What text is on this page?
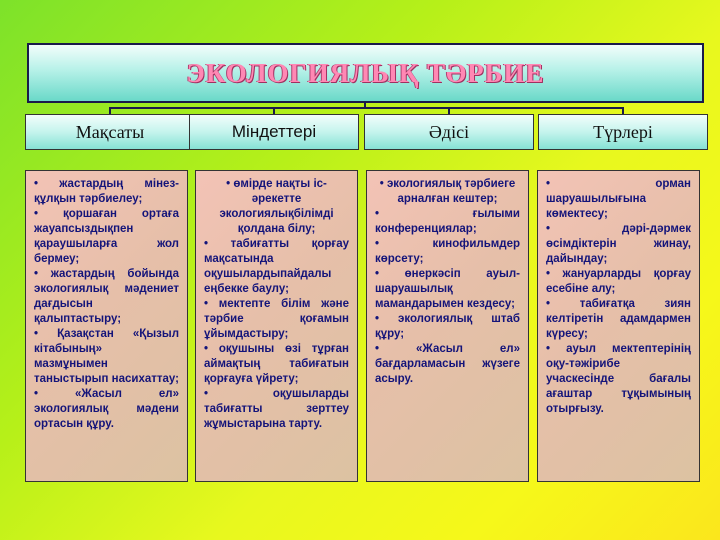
ЭКОЛОГИЯЛЫҚ ТӘРБИЕ
Мақсаты	Міндеттері	Әдісі	Түрлері
• жастардың мінез-құлқын тәрбиелеу;
• қоршаған ортаға жауапсыздықпен қараушыларға жол бермеу;
• жастардың бойында экологиялық мәдениет дағдысын қалыптастыру;
• Қазақстан «Қызыл кітабының» мазмұнымен таныстырып насихаттау;
• «Жасыл ел» экологиялық мәдени ортасын құру.
• өмірде нақты іс-әрекетте экологиялықбілімді қолдана білу;
• табиғатты қорғау мақсатында оқушылардыпайдалы еңбекке баулу;
• мектепте білім және тәрбие қоғамын ұйымдастыру;
• оқушыны өзі тұрған аймақтың табиғатын қорғауға үйрету;
• оқушыларды табиғатты зерттеу жұмыстарына тарту.
• экологиялық тәрбиеге арналған кештер;
• ғылыми конференциялар;
• кинофильмдер көрсету;
• өнеркәсіп ауыл-шаруашылық мамандарымен кездесу;
• экологиялық штаб құру;
• «Жасыл ел» бағдарламасын жүзеге асыру.
• орман шаруашылығына көмектесу;
• дәрі-дәрмек өсімдіктерін жинау, дайындау;
• жануарларды қорғау есебіне алу;
• табиғатқа зиян келтіретін адамдармен күресу;
• ауыл мектептерінің оқу-тәжірибе учаскесінде бағалы ағаштар тұқымының отырғызу.
